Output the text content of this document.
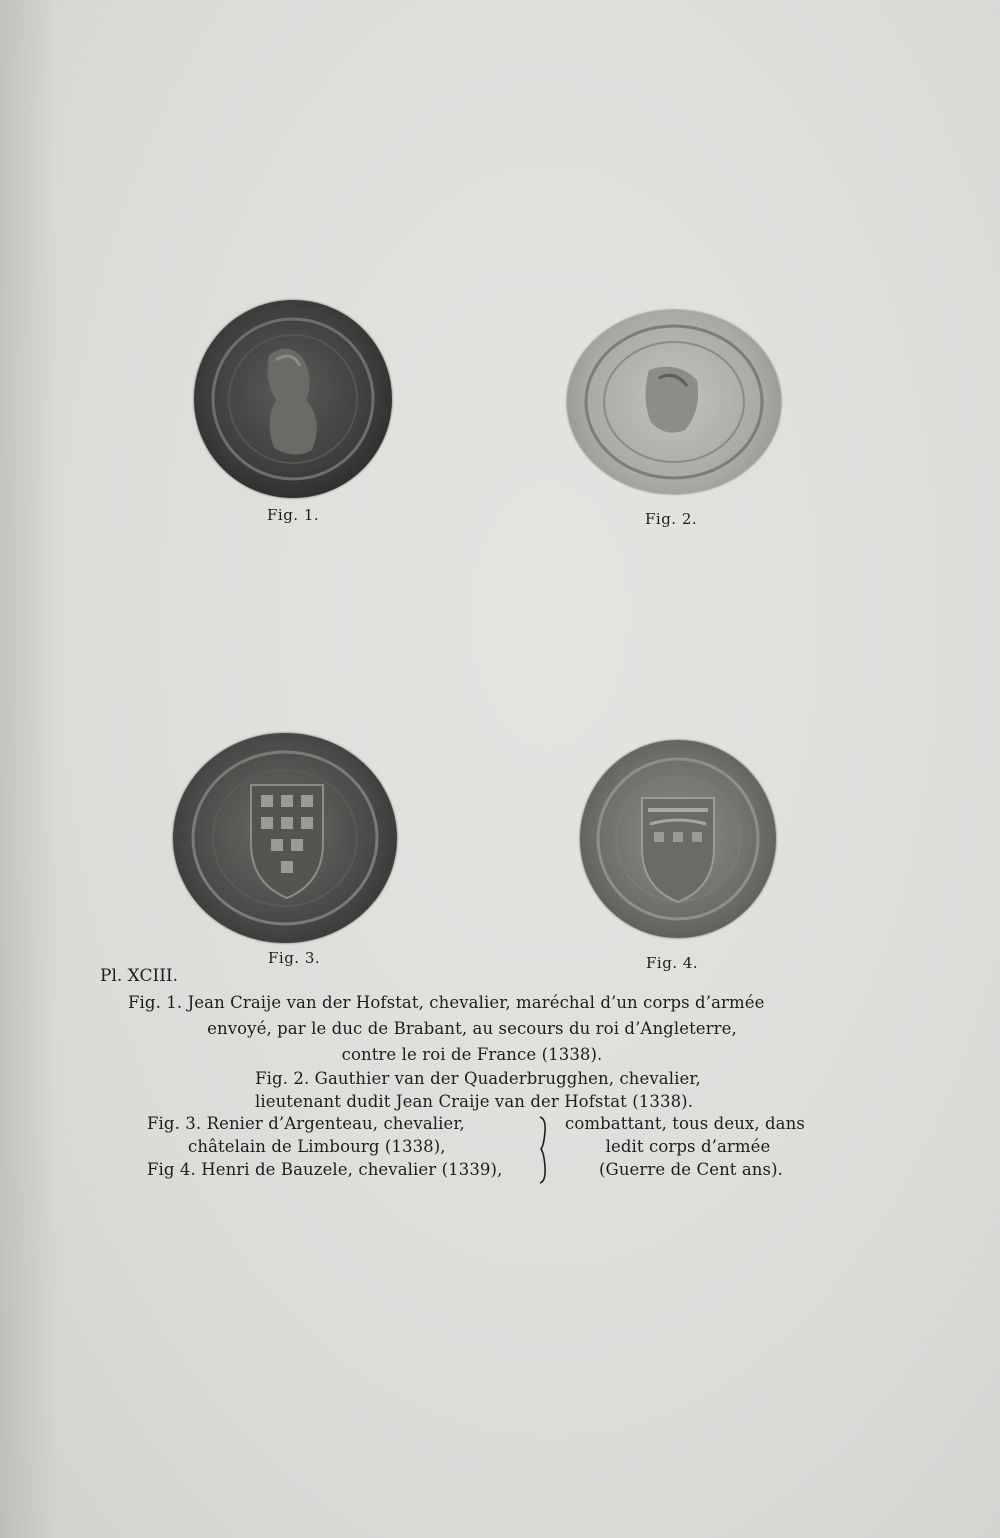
Fig. 1.	Fig. 2.
Fig. 3.	Fig. 4.
Pl. XCIII.
Fig. 1. Jean Craije van der Hofstat, chevalier, maréchal d’un corps d’armée
envoyé, par le duc de Brabant, au secours du roi d’Angleterre,
contre le roi de France (1338).
Fig. 2. Gauthier van der Quaderbrugghen, chevalier,
lieutenant dudit Jean Craije van der Hofstat (1338).
Fig. 3. Renier d’Argenteau, chevalier,
châtelain de Limbourg (1338),
Fig 4. Henri de Bauzele, chevalier (1339),
combattant, tous deux, dans
ledit corps d’armée
(Guerre de Cent ans).
